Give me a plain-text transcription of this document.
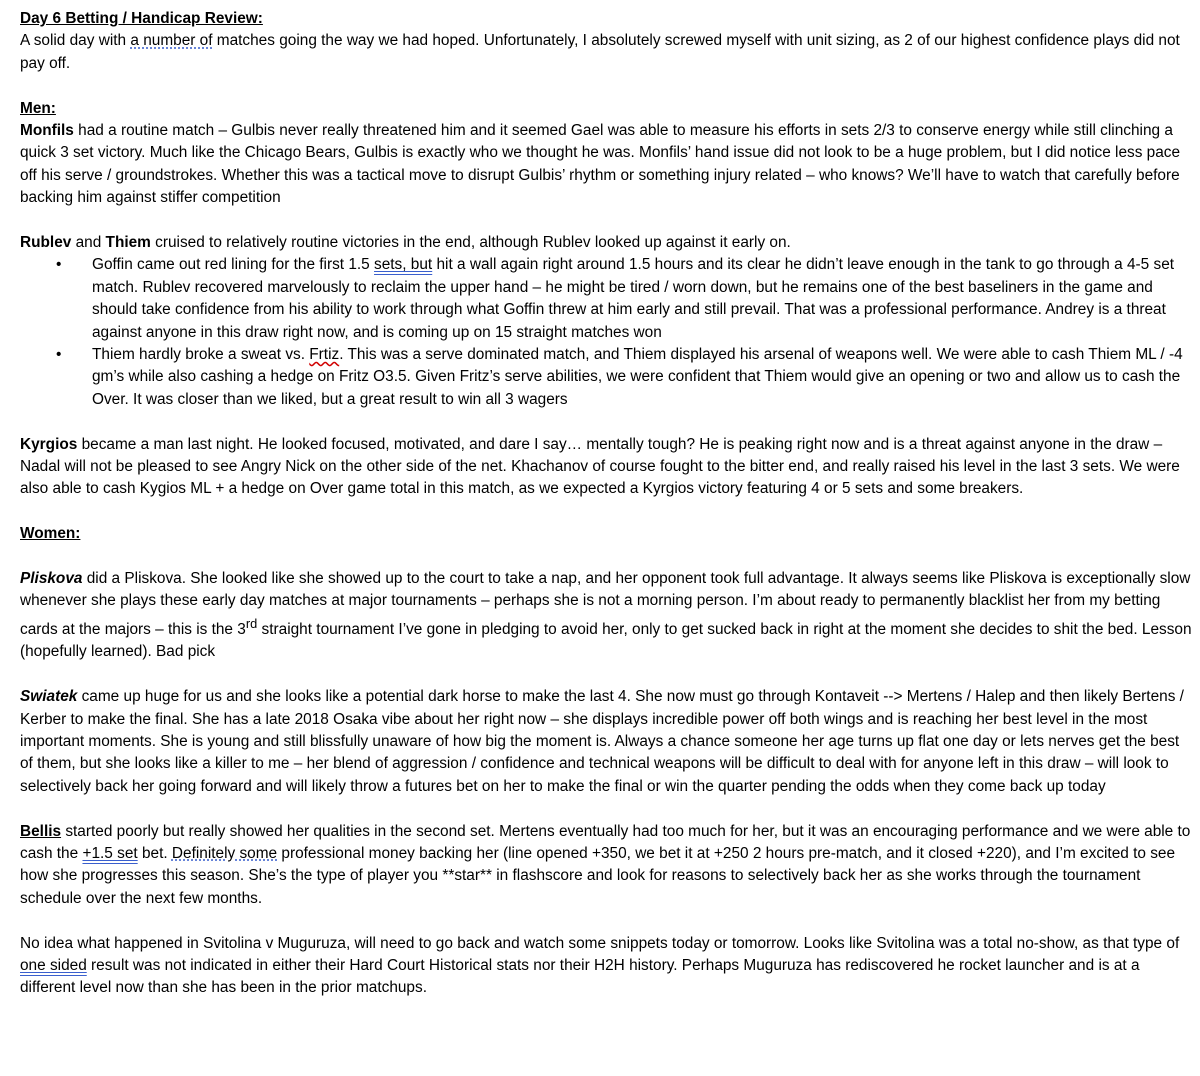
Day 6 Betting / Handicap Review:

A solid day with a number of matches going the way we had hoped. Unfortunately, I absolutely screwed myself with unit sizing, as 2 of our highest confidence plays did not pay off.

Men:

Monfils had a routine match – Gulbis never really threatened him and it seemed Gael was able to measure his efforts in sets 2/3 to conserve energy while still clinching a quick 3 set victory. Much like the Chicago Bears, Gulbis is exactly who we thought he was. Monfils’ hand issue did not look to be a huge problem, but I did notice less pace off his serve / groundstrokes. Whether this was a tactical move to disrupt Gulbis’ rhythm or something injury related – who knows? We’ll have to watch that carefully before backing him against stiffer competition

Rublev and Thiem cruised to relatively routine victories in the end, although Rublev looked up against it early on.

• Goffin came out red lining for the first 1.5 sets, but hit a wall again right around 1.5 hours and its clear he didn’t leave enough in the tank to go through a 4-5 set match. Rublev recovered marvelously to reclaim the upper hand – he might be tired / worn down, but he remains one of the best baseliners in the game and should take confidence from his ability to work through what Goffin threw at him early and still prevail. That was a professional performance. Andrey is a threat against anyone in this draw right now, and is coming up on 15 straight matches won
• Thiem hardly broke a sweat vs. Frtiz. This was a serve dominated match, and Thiem displayed his arsenal of weapons well. We were able to cash Thiem ML / -4 gm’s while also cashing a hedge on Fritz O3.5. Given Fritz’s serve abilities, we were confident that Thiem would give an opening or two and allow us to cash the Over. It was closer than we liked, but a great result to win all 3 wagers

Kyrgios became a man last night. He looked focused, motivated, and dare I say… mentally tough? He is peaking right now and is a threat against anyone in the draw – Nadal will not be pleased to see Angry Nick on the other side of the net. Khachanov of course fought to the bitter end, and really raised his level in the last 3 sets. We were also able to cash Kygios ML + a hedge on Over game total in this match, as we expected a Kyrgios victory featuring 4 or 5 sets and some breakers.

Women:

Pliskova did a Pliskova. She looked like she showed up to the court to take a nap, and her opponent took full advantage. It always seems like Pliskova is exceptionally slow whenever she plays these early day matches at major tournaments – perhaps she is not a morning person. I’m about ready to permanently blacklist her from my betting cards at the majors – this is the 3rd straight tournament I’ve gone in pledging to avoid her, only to get sucked back in right at the moment she decides to shit the bed. Lesson (hopefully learned). Bad pick

Swiatek came up huge for us and she looks like a potential dark horse to make the last 4. She now must go through Kontaveit --> Mertens / Halep and then likely Bertens / Kerber to make the final. She has a late 2018 Osaka vibe about her right now – she displays incredible power off both wings and is reaching her best level in the most important moments. She is young and still blissfully unaware of how big the moment is. Always a chance someone her age turns up flat one day or lets nerves get the best of them, but she looks like a killer to me – her blend of aggression / confidence and technical weapons will be difficult to deal with for anyone left in this draw – will look to selectively back her going forward and will likely throw a futures bet on her to make the final or win the quarter pending the odds when they come back up today

Bellis started poorly but really showed her qualities in the second set. Mertens eventually had too much for her, but it was an encouraging performance and we were able to cash the +1.5 set bet. Definitely some professional money backing her (line opened +350, we bet it at +250 2 hours pre-match, and it closed +220), and I’m excited to see how she progresses this season. She’s the type of player you **star** in flashscore and look for reasons to selectively back her as she works through the tournament schedule over the next few months.

No idea what happened in Svitolina v Muguruza, will need to go back and watch some snippets today or tomorrow. Looks like Svitolina was a total no-show, as that type of one sided result was not indicated in either their Hard Court Historical stats nor their H2H history. Perhaps Muguruza has rediscovered he rocket launcher and is at a different level now than she has been in the prior matchups.
